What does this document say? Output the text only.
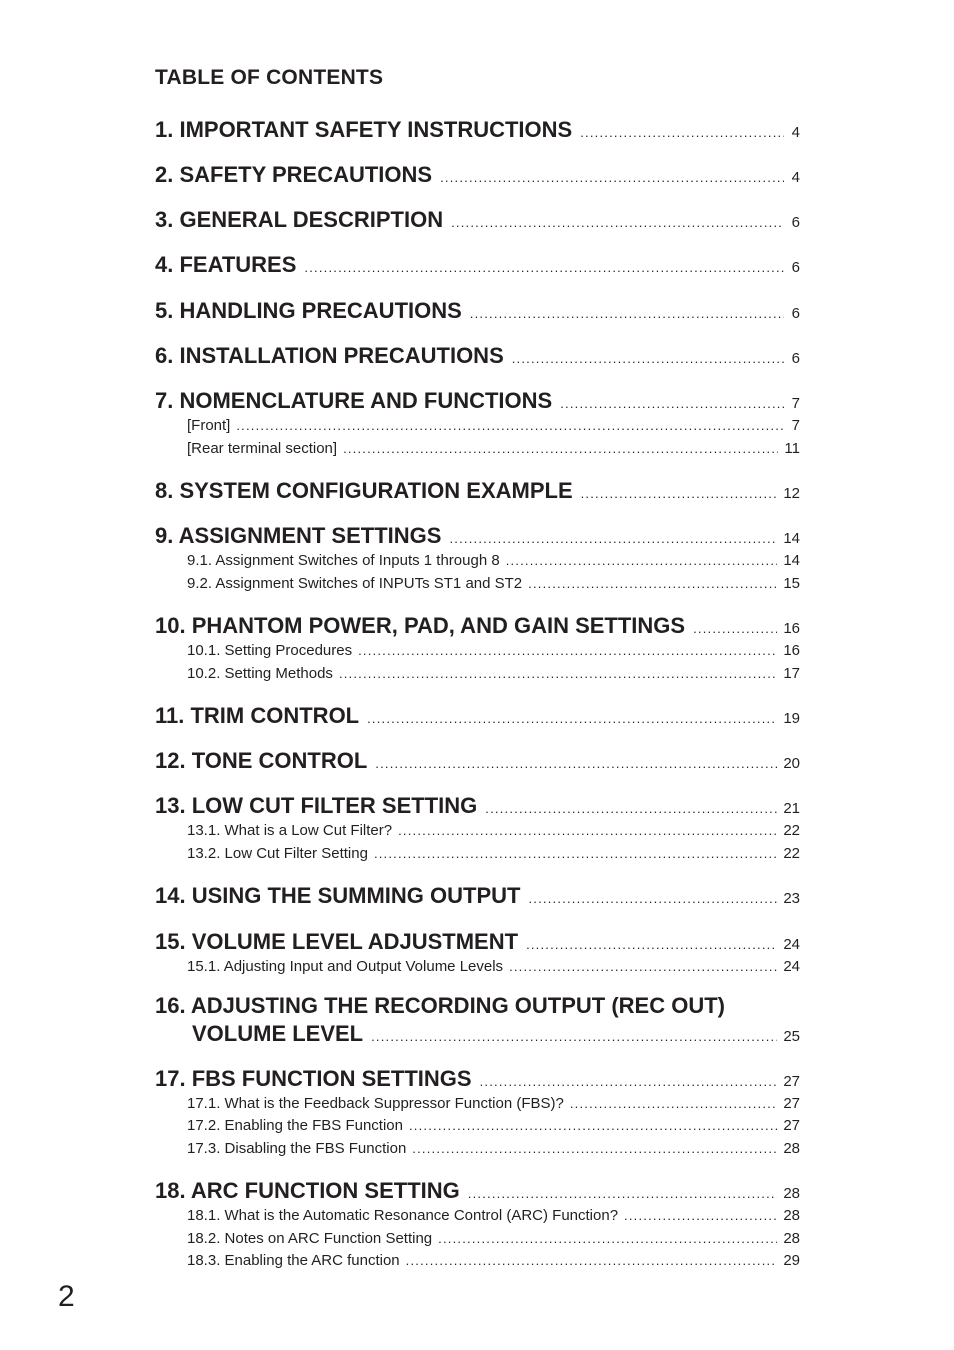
TABLE OF CONTENTS
1. IMPORTANT SAFETY INSTRUCTIONS .....	4
2. SAFETY PRECAUTIONS .....	4
3. GENERAL DESCRIPTION .....	6
4. FEATURES .....	6
5. HANDLING PRECAUTIONS .....	6
6. INSTALLATION PRECAUTIONS .....	6
7. NOMENCLATURE AND FUNCTIONS .....	7
[Front] .....	7
[Rear terminal section] .....	11
8. SYSTEM CONFIGURATION EXAMPLE .....	12
9. ASSIGNMENT SETTINGS .....	14
9.1. Assignment Switches of Inputs 1 through 8 .....	14
9.2. Assignment Switches of INPUTs ST1 and ST2 .....	15
10. PHANTOM POWER, PAD, AND GAIN SETTINGS .....	16
10.1. Setting Procedures .....	16
10.2. Setting Methods .....	17
11. TRIM CONTROL .....	19
12. TONE CONTROL .....	20
13. LOW CUT FILTER SETTING .....	21
13.1. What is a Low Cut Filter? .....	22
13.2. Low Cut Filter Setting .....	22
14. USING THE SUMMING OUTPUT .....	23
15. VOLUME LEVEL ADJUSTMENT .....	24
15.1. Adjusting Input and Output Volume Levels .....	24
16. ADJUSTING THE RECORDING OUTPUT (REC OUT)
VOLUME LEVEL .....	25
17. FBS FUNCTION SETTINGS .....	27
17.1. What is the Feedback Suppressor Function (FBS)? .....	27
17.2. Enabling the FBS Function .....	27
17.3. Disabling the FBS Function .....	28
18. ARC FUNCTION SETTING .....	28
18.1. What is the Automatic Resonance Control (ARC) Function? .....	28
18.2. Notes on ARC Function Setting .....	28
18.3. Enabling the ARC function .....	29
2
